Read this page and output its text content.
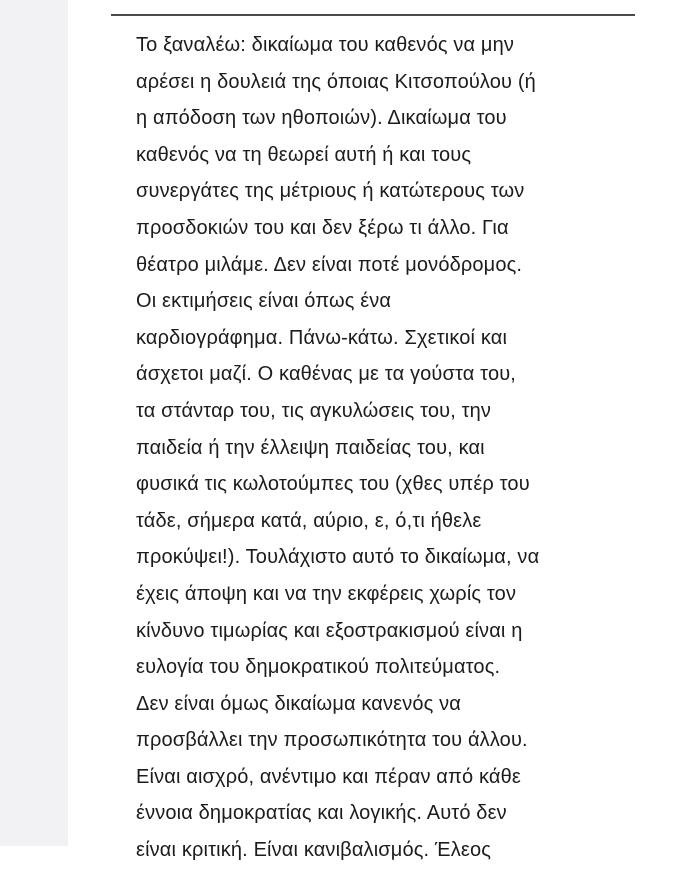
Το ξαναλέω: δικαίωμα του καθενός να μην
αρέσει η δουλειά της όποιας Κιτσοπούλου (ή
η απόδοση των ηθοποιών). Δικαίωμα του
καθενός να τη θεωρεί αυτή ή και τους
συνεργάτες της μέτριους ή κατώτερους των
προσδοκιών του και δεν ξέρω τι άλλο. Για
θέατρο μιλάμε. Δεν είναι ποτέ μονόδρομος.
Οι εκτιμήσεις είναι όπως ένα
καρδιογράφημα. Πάνω-κάτω. Σχετικοί και
άσχετοι μαζί. Ο καθένας με τα γούστα του,
τα στάνταρ του, τις αγκυλώσεις του, την
παιδεία ή την έλλειψη παιδείας του, και
φυσικά τις κωλοτούμπες του (χθες υπέρ του
τάδε, σήμερα κατά, αύριο, ε, ό,τι ήθελε
προκύψει!). Τουλάχιστο αυτό το δικαίωμα, να
έχεις άποψη και να την εκφέρεις χωρίς τον
κίνδυνο τιμωρίας και εξοστρακισμού είναι η
ευλογία του δημοκρατικού πολιτεύματος.
Δεν είναι όμως δικαίωμα κανενός να
προσβάλλει την προσωπικότητα του άλλου.
Είναι αισχρό, ανέντιμο και πέραν από κάθε
έννοια δημοκρατίας και λογικής. Αυτό δεν
είναι κριτική. Είναι κανιβαλισμός. Έλεος
